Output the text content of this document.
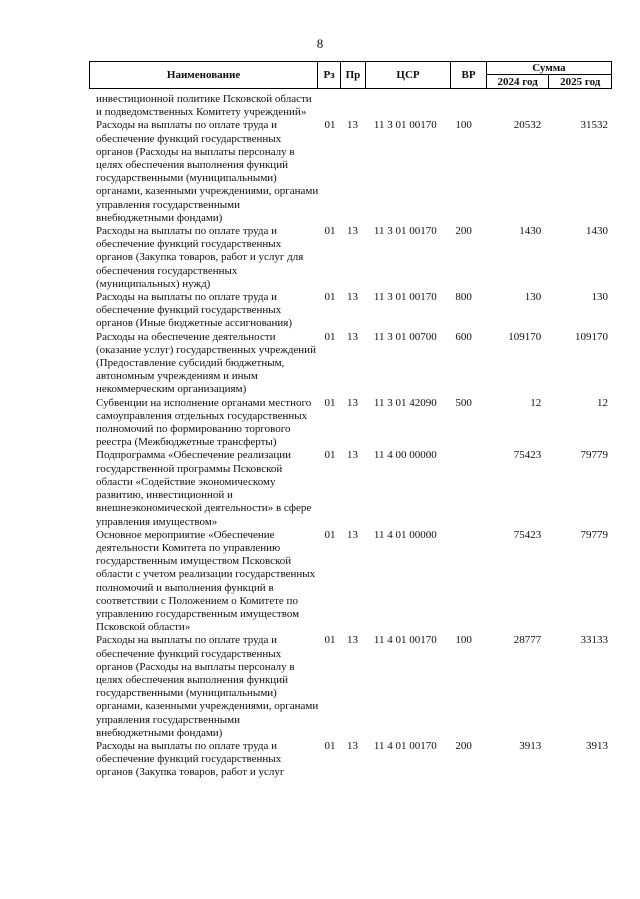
8
Наименование	Рз	Пр	ЦСР	ВР	Сумма	
					2024 год	2025 год
инвестиционной политике Псковской области и подведомственных Комитету учреждений»						
Расходы на выплаты по оплате труда и обеспечение функций государственных органов (Расходы на выплаты персоналу в целях обеспечения выполнения функций государственными (муниципальными) органами, казенными учреждениями, органами управления государственными внебюджетными фондами)	01	13	11 3 01 00170	100	20532	31532
Расходы на выплаты по оплате труда и обеспечение функций государственных органов (Закупка товаров, работ и услуг для обеспечения государственных (муниципальных) нужд)	01	13	11 3 01 00170	200	1430	1430
Расходы на выплаты по оплате труда и обеспечение функций государственных органов (Иные бюджетные ассигнования)	01	13	11 3 01 00170	800	130	130
Расходы на обеспечение деятельности (оказание услуг) государственных учреждений (Предоставление субсидий бюджетным, автономным учреждениям и иным некоммерческим организациям)	01	13	11 3 01 00700	600	109170	109170
Субвенции на исполнение органами местного самоуправления отдельных государственных полномочий по формированию торгового реестра (Межбюджетные трансферты)	01	13	11 3 01 42090	500	12	12
Подпрограмма «Обеспечение реализации государственной программы Псковской области «Содействие экономическому развитию, инвестиционной и внешнеэкономической деятельности» в сфере управления имуществом»	01	13	11 4 00 00000		75423	79779
Основное мероприятие «Обеспечение деятельности Комитета по управлению государственным имуществом Псковской области с учетом реализации государственных полномочий и выполнения функций в соответствии с Положением о Комитете по управлению государственным имуществом Псковской области»	01	13	11 4 01 00000		75423	79779
Расходы на выплаты по оплате труда и обеспечение функций государственных органов (Расходы на выплаты персоналу в целях обеспечения выполнения функций государственными (муниципальными) органами, казенными учреждениями, органами управления государственными внебюджетными фондами)	01	13	11 4 01 00170	100	28777	33133
Расходы на выплаты по оплате труда и обеспечение функций государственных органов (Закупка товаров, работ и услуг	01	13	11 4 01 00170	200	3913	3913
